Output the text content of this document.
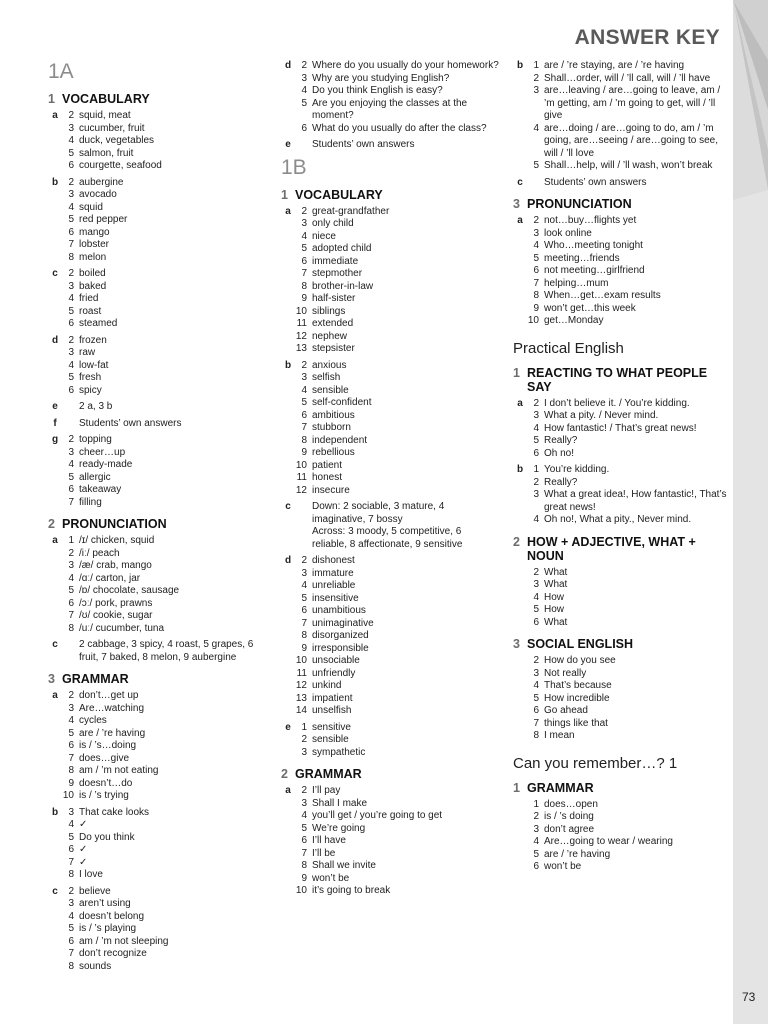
ANSWER KEY
1A
1 VOCABULARY
a	2 squid, meat
3 cucumber, fruit
4 duck, vegetables
5 salmon, fruit
6 courgette, seafood
b	2 aubergine
3 avocado
4 squid
5 red pepper
6 mango
7 lobster
8 melon
c	2 boiled
3 baked
4 fried
5 roast
6 steamed
d	2 frozen
3 raw
4 low-fat
5 fresh
6 spicy
e	2 a, 3 b
f	Students’ own answers
g	2 topping
3 cheer…up
4 ready-made
5 allergic
6 takeaway
7 filling
2 PRONUNCIATION
a	1 /ɪ/ chicken, squid
2 /iː/ peach
3 /æ/ crab, mango
4 /ɑː/ carton, jar
5 /ɒ/ chocolate, sausage
6 /ɔː/ pork, prawns
7 /ʊ/ cookie, sugar
8 /uː/ cucumber, tuna
c	2 cabbage, 3 spicy, 4 roast, 5 grapes, 6 fruit, 7 baked, 8 melon, 9 aubergine
3 GRAMMAR
a	2 don’t…get up
3 Are…watching
4 cycles
5 are / ’re having
6 is / ’s…doing
7 does…give
8 am / ’m not eating
9 doesn’t…do
10 is / ’s trying
b	3 That cake looks
4 ✓
5 Do you think
6 ✓
7 ✓
8 I love
c	2 believe
3 aren’t using
4 doesn’t belong
5 is / ’s playing
6 am / ’m not sleeping
7 don’t recognize
8 sounds
d	2 Where do you usually do your homework?
3 Why are you studying English?
4 Do you think English is easy?
5 Are you enjoying the classes at the moment?
6 What do you usually do after the class?
e	Students’ own answers
1B
1 VOCABULARY
a	2 great-grandfather
3 only child
4 niece
5 adopted child
6 immediate
7 stepmother
8 brother-in-law
9 half-sister
10 siblings
11 extended
12 nephew
13 stepsister
b	2 anxious
3 selfish
4 sensible
5 self-confident
6 ambitious
7 stubborn
8 independent
9 rebellious
10 patient
11 honest
12 insecure
c	Down: 2 sociable, 3 mature, 4 imaginative, 7 bossy
Across: 3 moody, 5 competitive, 6 reliable, 8 affectionate, 9 sensitive
d	2 dishonest
3 immature
4 unreliable
5 insensitive
6 unambitious
7 unimaginative
8 disorganized
9 irresponsible
10 unsociable
11 unfriendly
12 unkind
13 impatient
14 unselfish
e	1 sensitive
2 sensible
3 sympathetic
2 GRAMMAR
a	2 I’ll pay
3 Shall I make
4 you’ll get / you’re going to get
5 We’re going
6 I’ll have
7 I’ll be
8 Shall we invite
9 won’t be
10 it’s going to break
b	1 are / ’re staying, are / ’re having
2 Shall…order, will / ’ll call, will / ’ll have
3 are…leaving / are…going to leave, am / ’m getting, am / ’m going to get, will / ’ll give
4 are…doing / are…going to do, am / ’m going, are…seeing / are…going to see, will / ’ll love
5 Shall…help, will / ’ll wash, won’t break
c	Students’ own answers
3 PRONUNCIATION
a	2 not…buy…flights yet
3 look online
4 Who…meeting tonight
5 meeting…friends
6 not meeting…girlfriend
7 helping…mum
8 When…get…exam results
9 won’t get…this week
10 get…Monday
Practical English
1 REACTING TO WHAT PEOPLE SAY
a	2 I don’t believe it. / You’re kidding.
3 What a pity. / Never mind.
4 How fantastic! / That’s great news!
5 Really?
6 Oh no!
b	1 You’re kidding.
2 Really?
3 What a great idea!, How fantastic!, That’s great news!
4 Oh no!, What a pity., Never mind.
2 HOW + ADJECTIVE, WHAT + NOUN
2 What
3 What
4 How
5 How
6 What
3 SOCIAL ENGLISH
2 How do you see
3 Not really
4 That’s because
5 How incredible
6 Go ahead
7 things like that
8 I mean
Can you remember…? 1
1 GRAMMAR
1 does…open
2 is / ’s doing
3 don’t agree
4 Are…going to wear / wearing
5 are / ’re having
6 won’t be
73
